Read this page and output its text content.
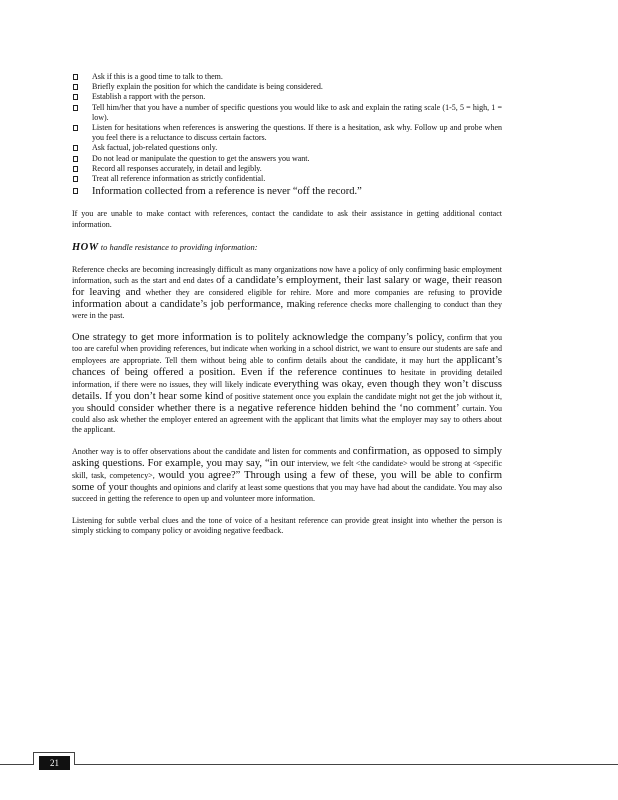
Ask if this is a good time to talk to them.
Briefly explain the position for which the candidate is being considered.
Establish a rapport with the person.
Tell him/her that you have a number of specific questions you would like to ask and explain the rating scale (1-5, 5 = high, 1 = low).
Listen for hesitations when references is answering the questions. If there is a hesitation, ask why. Follow up and probe when you feel there is a reluctance to discuss certain factors.
Ask factual, job-related questions only.
Do not lead or manipulate the question to get the answers you want.
Record all responses accurately, in detail and legibly.
Treat all reference information as strictly confidential.
Information collected from a reference is never “off the record.”

If you are unable to make contact with references, contact the candidate to ask their assistance in getting additional contact information.

HOW to handle resistance to providing information:

Reference checks are becoming increasingly difficult as many organizations now have a policy of only confirming basic employment information, such as the start and end dates of a candidate’s employment, their last salary or wage, their reason for leaving and whether they are considered eligible for rehire. More and more companies are refusing to provide information about a candidate’s job performance, making reference checks more challenging to conduct than they were in the past.

One strategy to get more information is to politely acknowledge the company’s policy, confirm that you too are careful when providing references, but indicate when working in a school district, we want to ensure our students are safe and employees are appropriate. Tell them without being able to confirm details about the candidate, it may hurt the applicant’s chances of being offered a position. Even if the reference continues to hesitate in providing detailed information, if there were no issues, they will likely indicate everything was okay, even though they won’t discuss details. If you don’t hear some kind of positive statement once you explain the candidate might not get the job without it, you should consider whether there is a negative reference hidden behind the ‘no comment’ curtain. You could also ask whether the employer entered an agreement with the applicant that limits what the employer may say to others about the applicant.

Another way is to offer observations about the candidate and listen for comments and confirmation, as opposed to simply asking questions. For example, you may say, “in our interview, we felt <the candidate> would be strong at <specific skill, task, competency>, would you agree?” Through using a few of these, you will be able to confirm some of your thoughts and opinions and clarify at least some questions that you may have had about the candidate. You may also succeed in getting the reference to open up and volunteer more information.

Listening for subtle verbal clues and the tone of voice of a hesitant reference can provide great insight into whether the person is simply sticking to company policy or avoiding negative feedback.

21
